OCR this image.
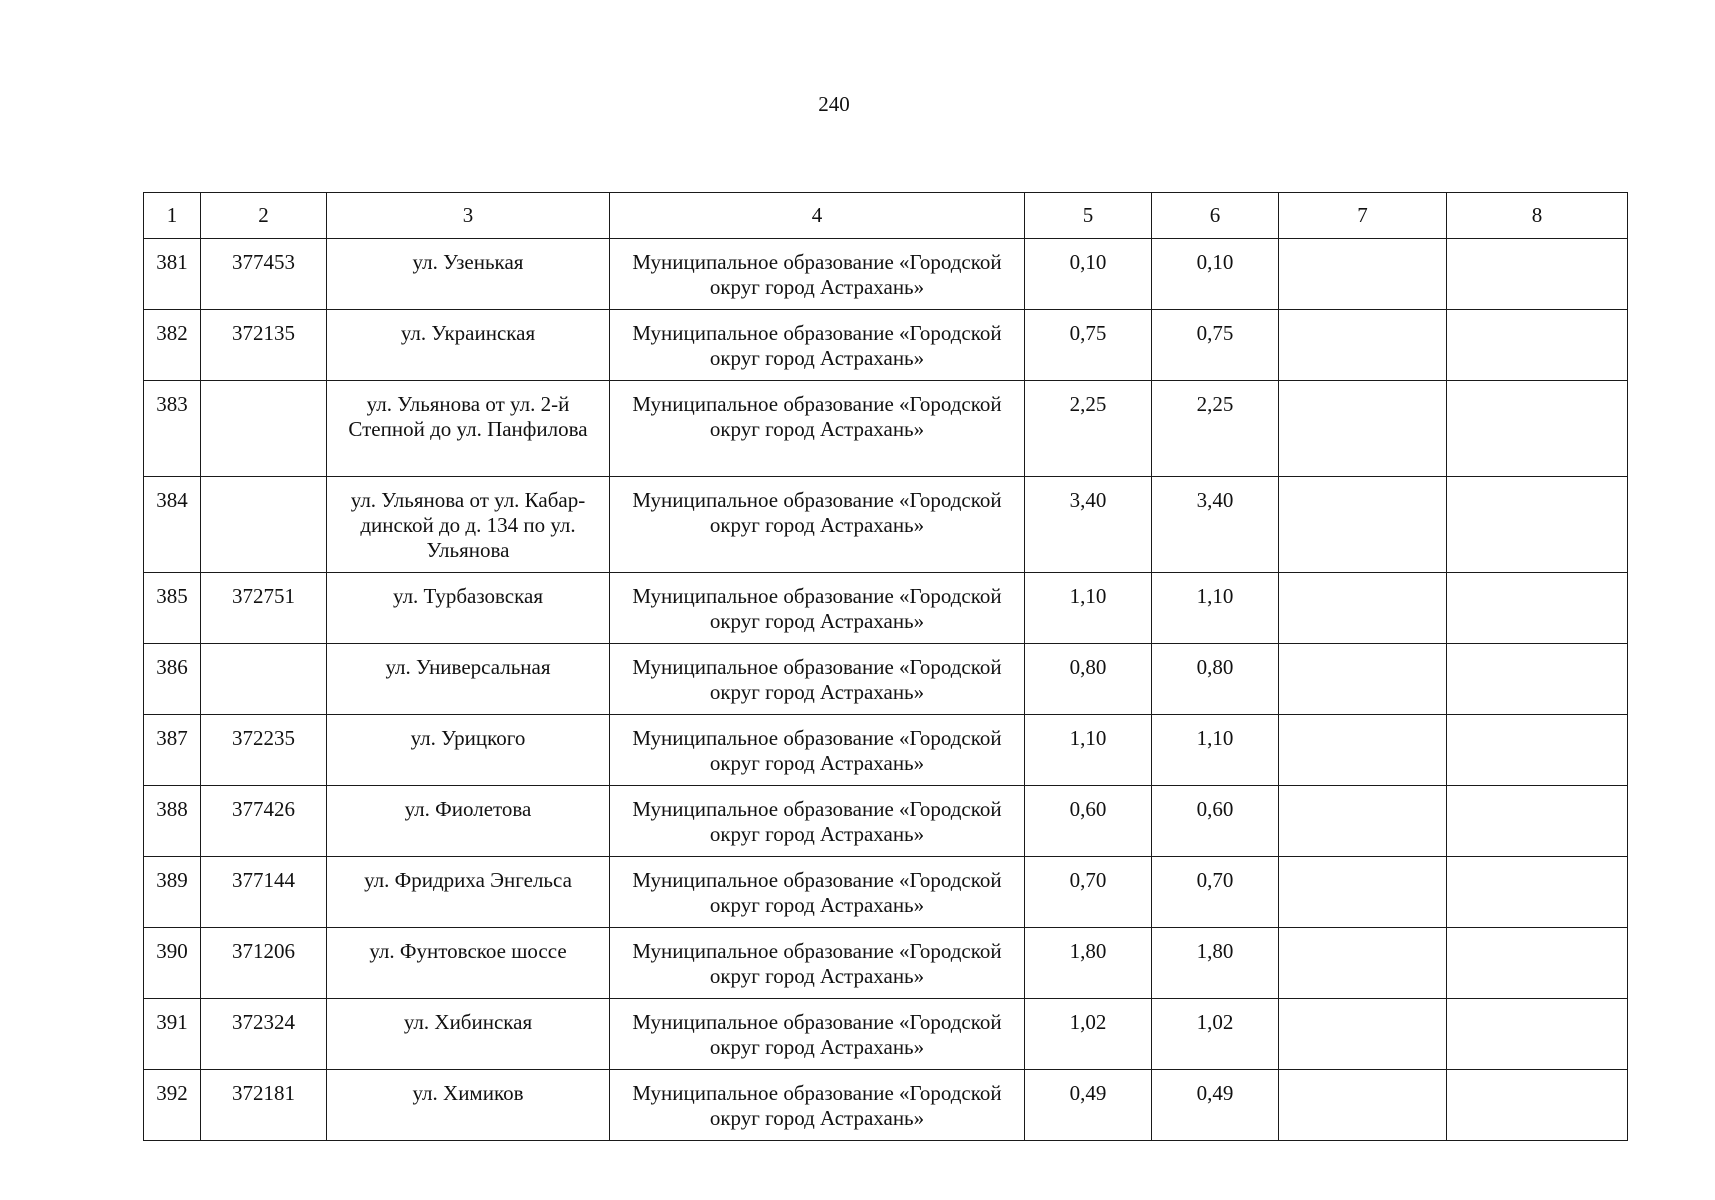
240
1	2	3	4	5	6	7	8
381	377453	ул. Узенькая	Муниципальное образование «Городской округ город Астрахань»	0,10	0,10		
382	372135	ул. Украинская	Муниципальное образование «Городской округ город Астрахань»	0,75	0,75		
383		ул. Ульянова от ул. 2-й Степной до ул. Панфилова	Муниципальное образование «Городской округ город Астрахань»	2,25	2,25		
384		ул. Ульянова от ул. Кабар-динской до д. 134 по ул. Ульянова	Муниципальное образование «Городской округ город Астрахань»	3,40	3,40		
385	372751	ул. Турбазовская	Муниципальное образование «Городской округ город Астрахань»	1,10	1,10		
386		ул. Универсальная	Муниципальное образование «Городской округ город Астрахань»	0,80	0,80		
387	372235	ул. Урицкого	Муниципальное образование «Городской округ город Астрахань»	1,10	1,10		
388	377426	ул. Фиолетова	Муниципальное образование «Городской округ город Астрахань»	0,60	0,60		
389	377144	ул. Фридриха Энгельса	Муниципальное образование «Городской округ город Астрахань»	0,70	0,70		
390	371206	ул. Фунтовское шоссе	Муниципальное образование «Городской округ город Астрахань»	1,80	1,80		
391	372324	ул. Хибинская	Муниципальное образование «Городской округ город Астрахань»	1,02	1,02		
392	372181	ул. Химиков	Муниципальное образование «Городской округ город Астрахань»	0,49	0,49		
